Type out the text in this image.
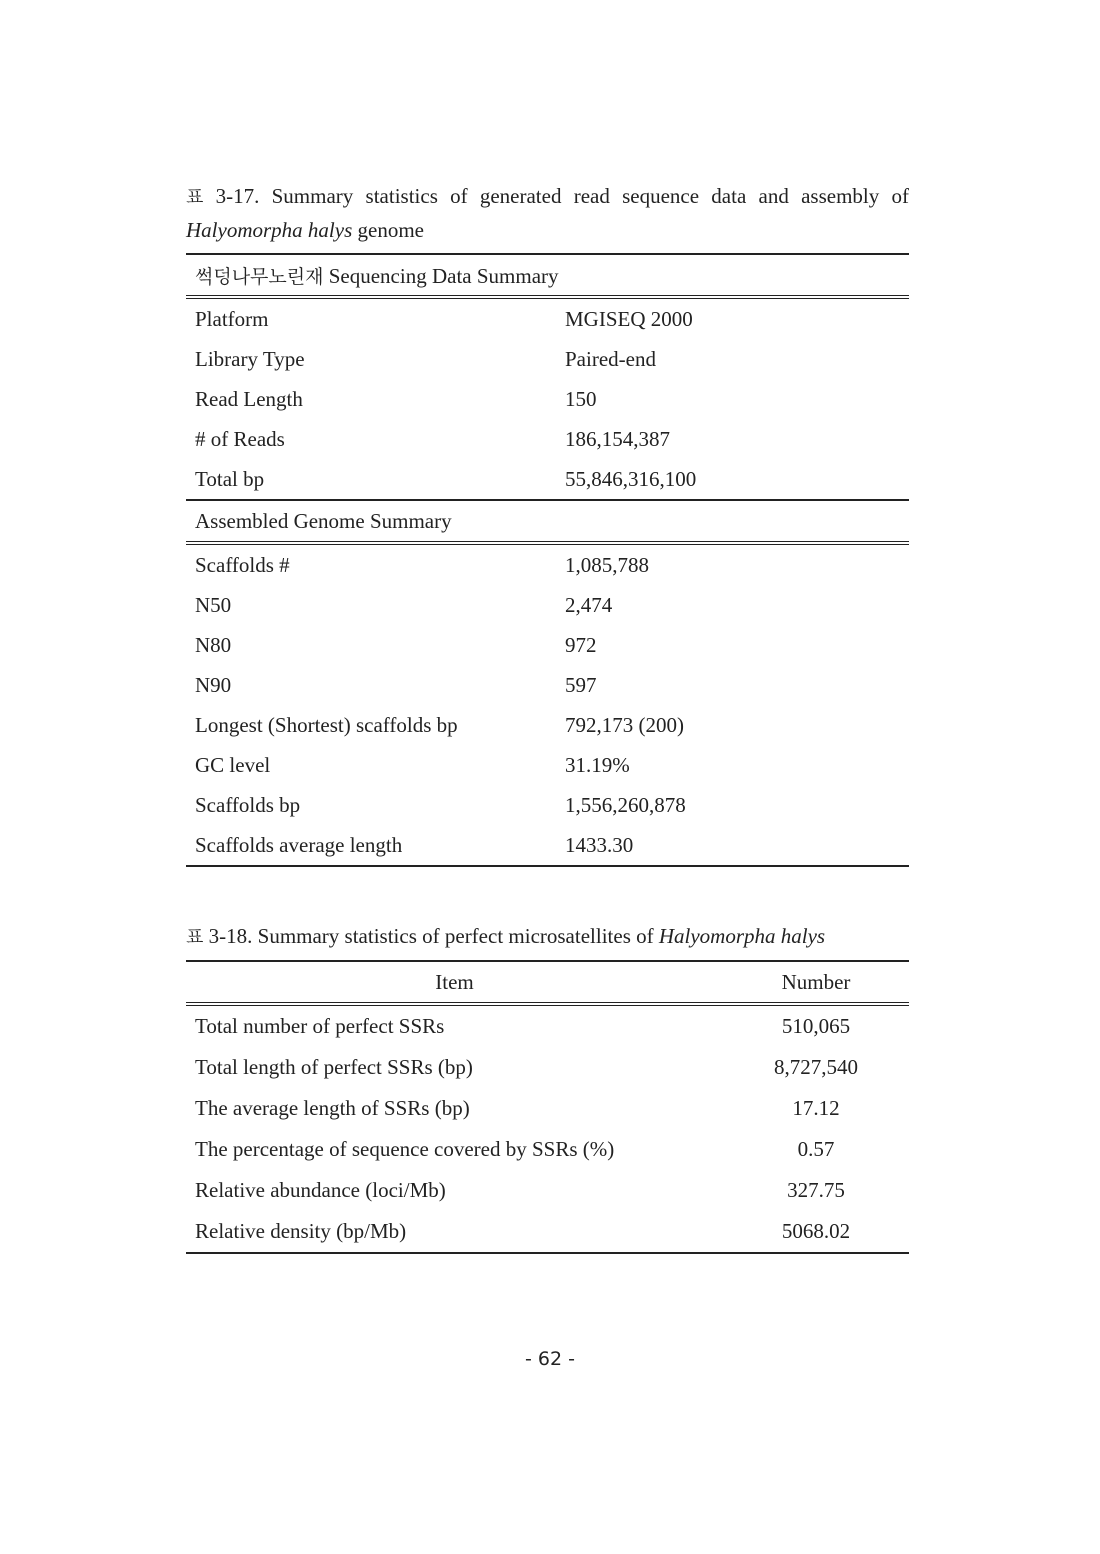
표 3-17. Summary statistics of generated read sequence data and assembly of Halyomorpha halys genome
썩덩나무노린재 Sequencing Data Summary	
Platform	MGISEQ 2000
Library Type	Paired-end
Read Length	150
# of Reads	186,154,387
Total bp	55,846,316,100
Assembled Genome Summary	
Scaffolds #	1,085,788
N50	2,474
N80	972
N90	597
Longest (Shortest) scaffolds bp	792,173 (200)
GC level	31.19%
Scaffolds bp	1,556,260,878
Scaffolds average length	1433.30
표 3-18. Summary statistics of perfect microsatellites of Halyomorpha halys
Item	Number
Total number of perfect SSRs	510,065
Total length of perfect SSRs (bp)	8,727,540
The average length of SSRs (bp)	17.12
The percentage of sequence covered by SSRs (%)	0.57
Relative abundance (loci/Mb)	327.75
Relative density (bp/Mb)	5068.02
- 62 -
